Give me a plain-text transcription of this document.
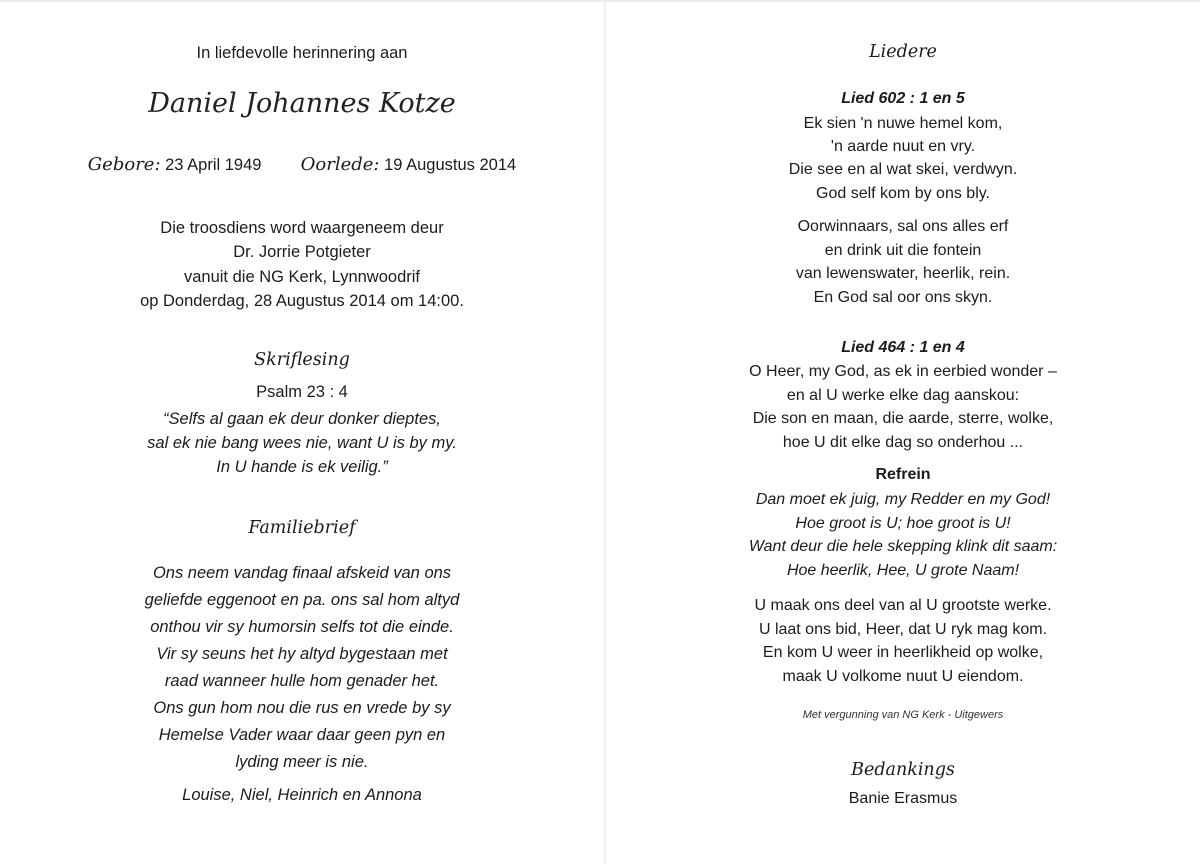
In liefdevolle herinnering aan
Daniel Johannes Kotze
Gebore: 23 April 1949 Oorlede: 19 Augustus 2014
Die troosdiens word waargeneem deur
Dr. Jorrie Potgieter
vanuit die NG Kerk, Lynnwoodrif
op Donderdag, 28 Augustus 2014 om 14:00.
Skriflesing
Psalm 23 : 4
“Selfs al gaan ek deur donker dieptes,
sal ek nie bang wees nie, want U is by my.
In U hande is ek veilig.”
Familiebrief
Ons neem vandag finaal afskeid van ons
geliefde eggenoot en pa. ons sal hom altyd
onthou vir sy humorsin selfs tot die einde.
Vir sy seuns het hy altyd bygestaan met
raad wanneer hulle hom genader het.
Ons gun hom nou die rus en vrede by sy
Hemelse Vader waar daar geen pyn en
lyding meer is nie.
Louise, Niel, Heinrich en Annona
Liedere
Lied 602 : 1 en 5
Ek sien 'n nuwe hemel kom,
'n aarde nuut en vry.
Die see en al wat skei, verdwyn.
God self kom by ons bly.
Oorwinnaars, sal ons alles erf
en drink uit die fontein
van lewenswater, heerlik, rein.
En God sal oor ons skyn.
Lied 464 : 1 en 4
O Heer, my God, as ek in eerbied wonder –
en al U werke elke dag aanskou:
Die son en maan, die aarde, sterre, wolke,
hoe U dit elke dag so onderhou ...
Refrein
Dan moet ek juig, my Redder en my God!
Hoe groot is U; hoe groot is U!
Want deur die hele skepping klink dit saam:
Hoe heerlik, Hee, U grote Naam!
U maak ons deel van al U grootste werke.
U laat ons bid, Heer, dat U ryk mag kom.
En kom U weer in heerlikheid op wolke,
maak U volkome nuut U eiendom.
Met vergunning van NG Kerk - Uitgewers
Bedankings
Banie Erasmus
